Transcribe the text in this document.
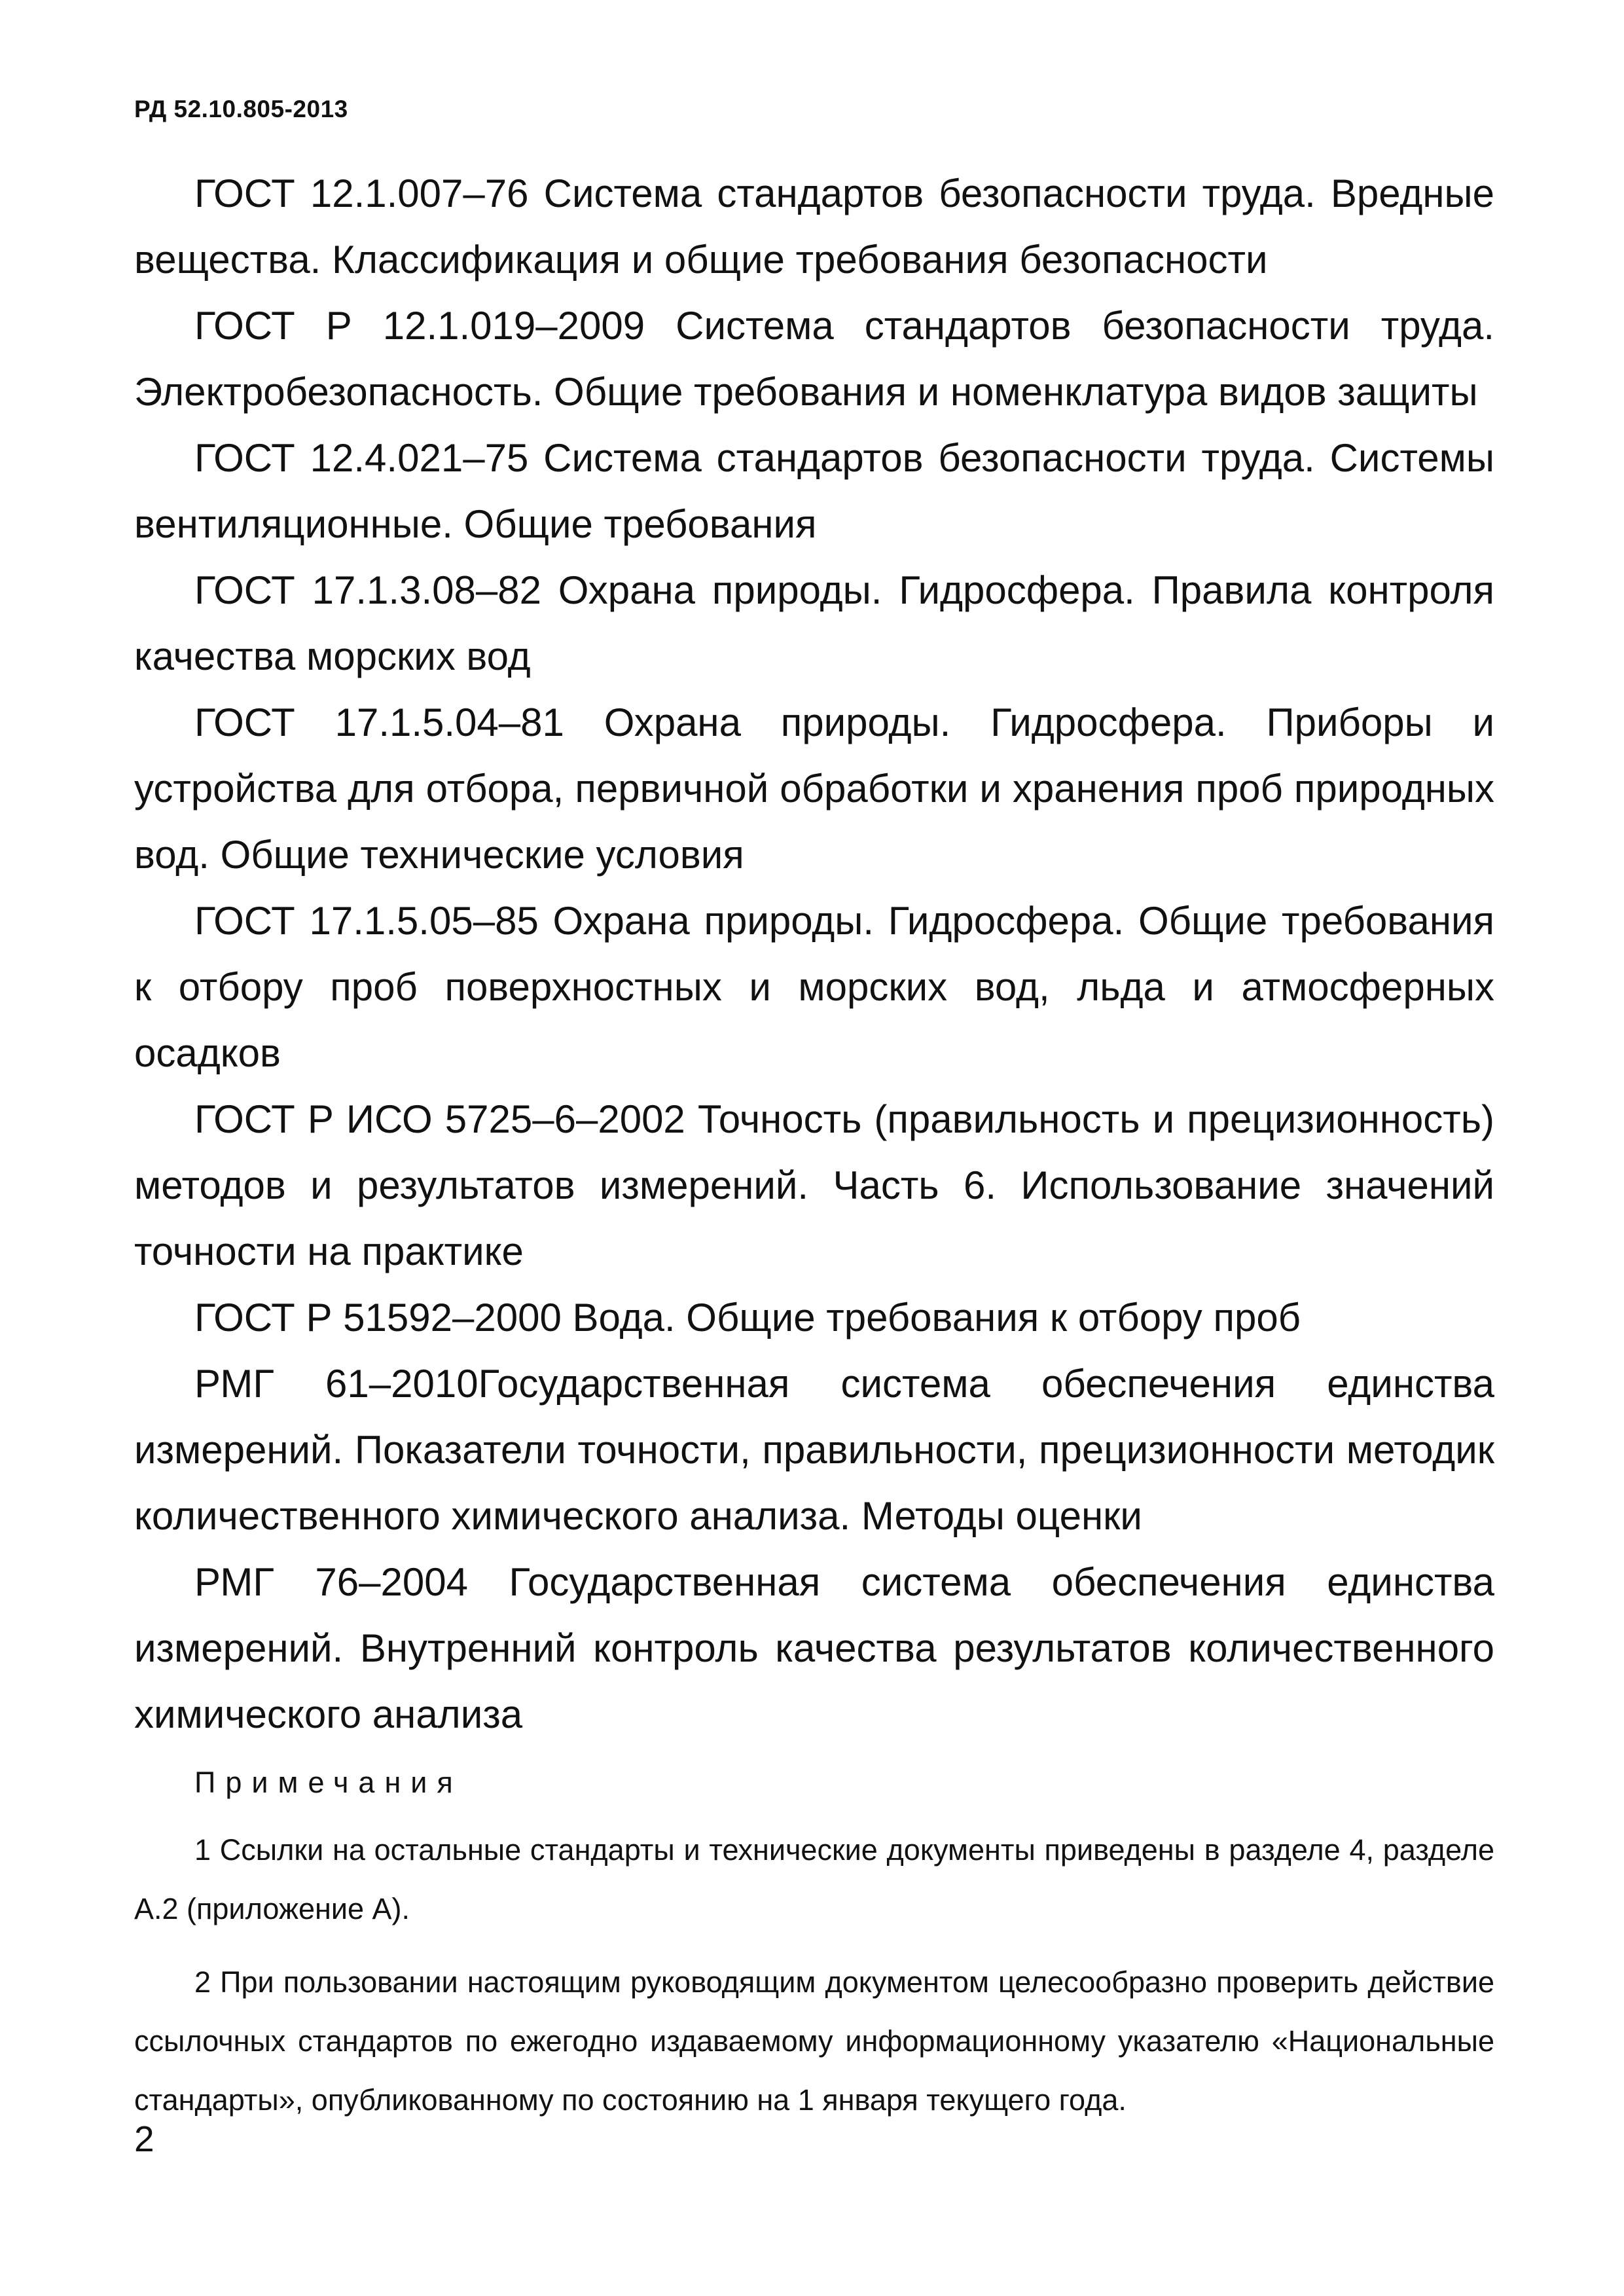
РД 52.10.805-2013

ГОСТ 12.1.007–76 Система стандартов безопасности труда. Вредные вещества. Классификация и общие требования безопасности

ГОСТ Р 12.1.019–2009 Система стандартов безопасности труда. Электробезопасность. Общие требования и номенклатура видов защиты

ГОСТ 12.4.021–75 Система стандартов безопасности труда. Системы вентиляционные. Общие требования

ГОСТ 17.1.3.08–82 Охрана природы. Гидросфера. Правила контроля качества морских вод

ГОСТ 17.1.5.04–81 Охрана природы. Гидросфера. Приборы и устройства для отбора, первичной обработки и хранения проб природных вод. Общие технические условия

ГОСТ 17.1.5.05–85 Охрана природы. Гидросфера. Общие требования к отбору проб поверхностных и морских вод, льда и атмосферных осадков

ГОСТ Р ИСО 5725–6–2002 Точность (правильность и прецизионность) методов и результатов измерений. Часть 6. Использование значений точности на практике

ГОСТ Р 51592–2000 Вода. Общие требования к отбору проб

РМГ 61–2010Государственная система обеспечения единства измерений. Показатели точности, правильности, прецизионности методик количественного химического анализа. Методы оценки

РМГ 76–2004 Государственная система обеспечения единства измерений. Внутренний контроль качества результатов количественного химического анализа

Примечания

1 Ссылки на остальные стандарты и технические документы приведены в разделе 4, разделе А.2 (приложение А).

2 При пользовании настоящим руководящим документом целесообразно проверить действие ссылочных стандартов по ежегодно издаваемому информационному указателю «Национальные стандарты», опубликованному по состоянию на 1 января текущего года.

2
